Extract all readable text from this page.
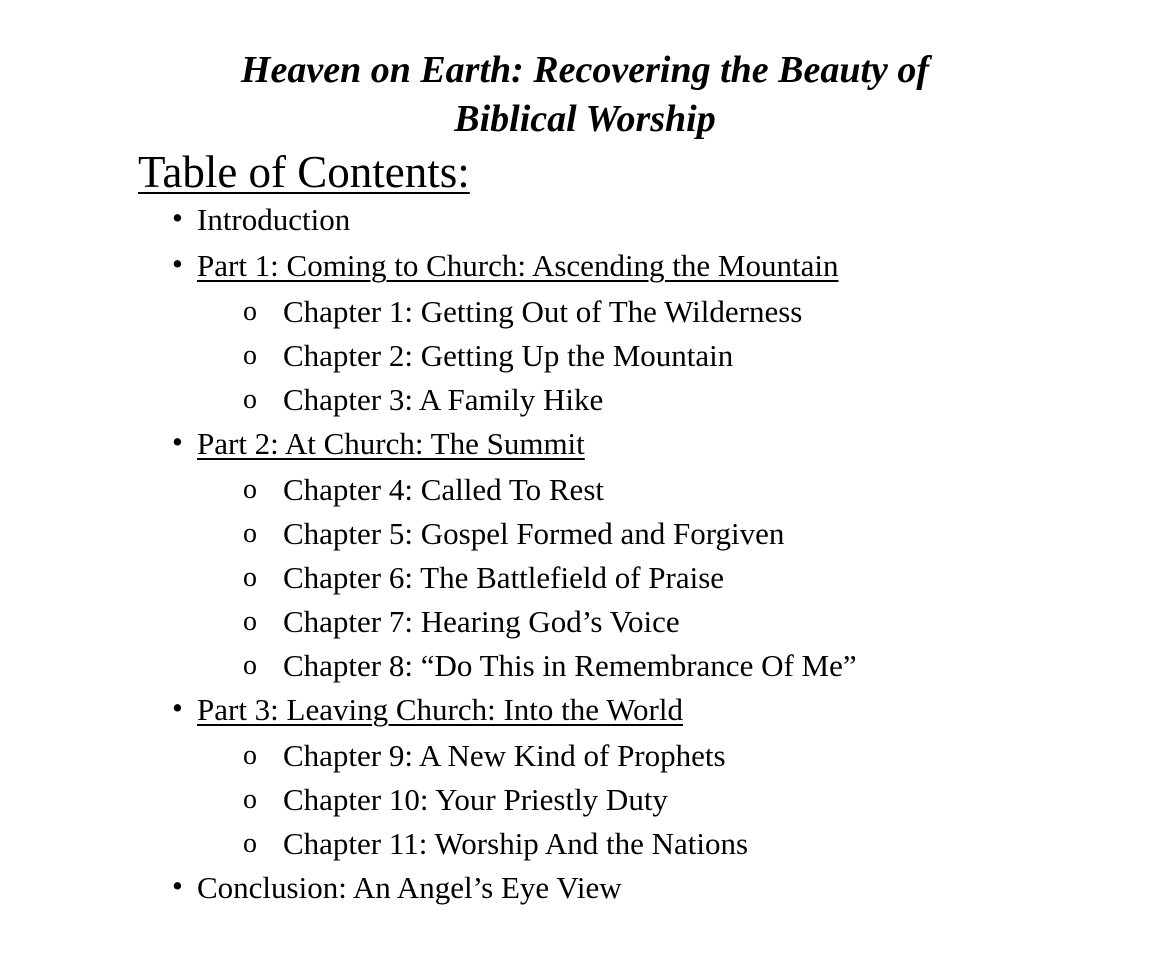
Heaven on Earth: Recovering the Beauty of
Biblical Worship
Table of Contents:
• Introduction
• Part 1: Coming to Church: Ascending the Mountain
o Chapter 1: Getting Out of The Wilderness
o Chapter 2: Getting Up the Mountain
o Chapter 3: A Family Hike
• Part 2: At Church: The Summit
o Chapter 4: Called To Rest
o Chapter 5: Gospel Formed and Forgiven
o Chapter 6: The Battlefield of Praise
o Chapter 7: Hearing God’s Voice
o Chapter 8: “Do This in Remembrance Of Me”
• Part 3: Leaving Church: Into the World
o Chapter 9: A New Kind of Prophets
o Chapter 10: Your Priestly Duty
o Chapter 11: Worship And the Nations
• Conclusion: An Angel’s Eye View
